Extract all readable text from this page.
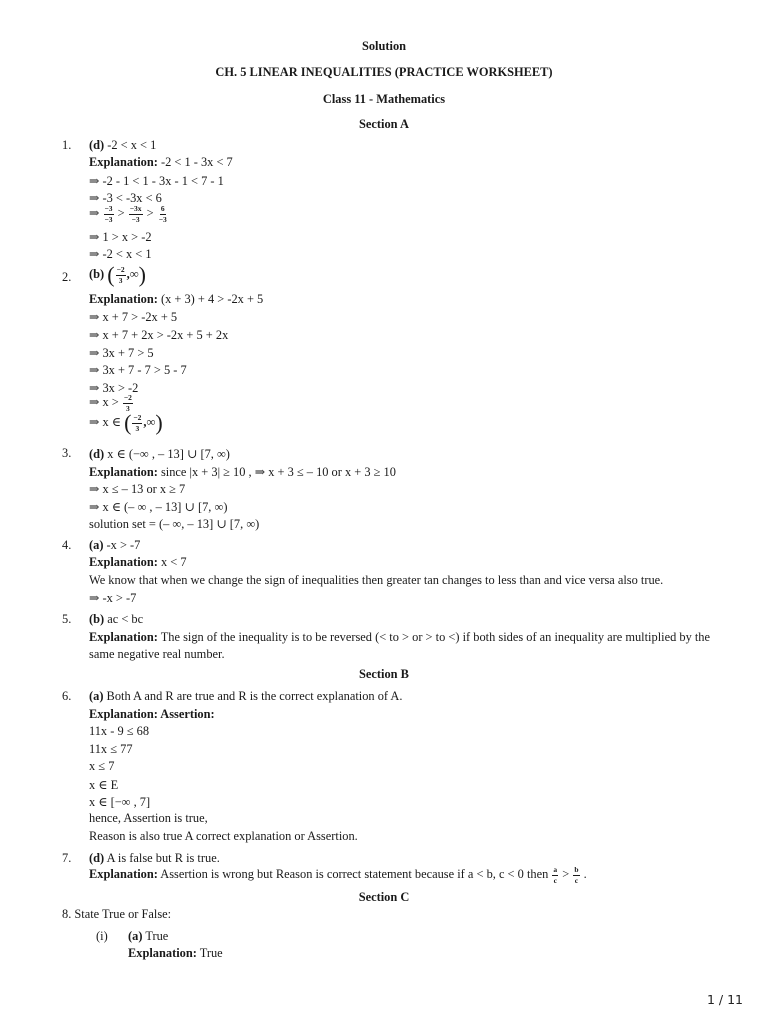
Solution
CH. 5 LINEAR INEQUALITIES (PRACTICE WORKSHEET)
Class 11 - Mathematics
Section A
1. (d) -2 < x < 1
Explanation: -2 < 1 - 3x < 7
⇒ -2 - 1 < 1 - 3x - 1 < 7 - 1
⇒ -3 < -3x < 6
⇒ $\frac{-3}{-3} > \frac{-3x}{-3} > \frac{6}{-3}$
⇒ 1 > x > -2
⇒ -2 < x < 1
2. (b) ( $\frac{-2}{3}$ ,∞)
Explanation: (x + 3) + 4 > -2x + 5
⇒ x + 7 > -2x + 5
⇒ x + 7 + 2x > -2x + 5 + 2x
⇒ 3x + 7 > 5
⇒ 3x + 7 - 7 > 5 - 7
⇒ 3x > -2
⇒ $x > \frac{-2}{3}$
⇒ x ∈ ( $\frac{-2}{3}$ ,∞)
3. (d) x ∈ (−∞ , – 13] ∪ [7, ∞)
Explanation: since |x + 3| ≥ 10 , ⇒ x + 3 ≤ – 10 or x + 3 ≥ 10
⇒ x ≤ – 13 or x ≥ 7
⇒ x ∈ (– ∞ , – 13] ∪ [7, ∞)
solution set = (– ∞, – 13] ∪ [7, ∞)
4. (a) -x > -7
Explanation: x < 7
We know that when we change the sign of inequalities then greater tan changes to less than and vice versa also true.
⇒ -x > -7
5. (b) ac < bc
Explanation: The sign of the inequality is to be reversed (< to > or > to <) if both sides of an inequality are multiplied by the
same negative real number.
Section B
6. (a) Both A and R are true and R is the correct explanation of A.
Explanation: Assertion:
11x - 9 ≤ 68
11x ≤ 77
x ≤ 7
x ∈ E
x ∈ [−∞ , 7]
hence, Assertion is true,
Reason is also true A correct explanation or Assertion.
7. (d) A is false but R is true.
Explanation: Assertion is wrong but Reason is correct statement because if a < b, c < 0 then $\frac{a}{c} > \frac{b}{c}$ .
Section C
8. State True or False:
(i) (a) True
Explanation: True
1 / 11
